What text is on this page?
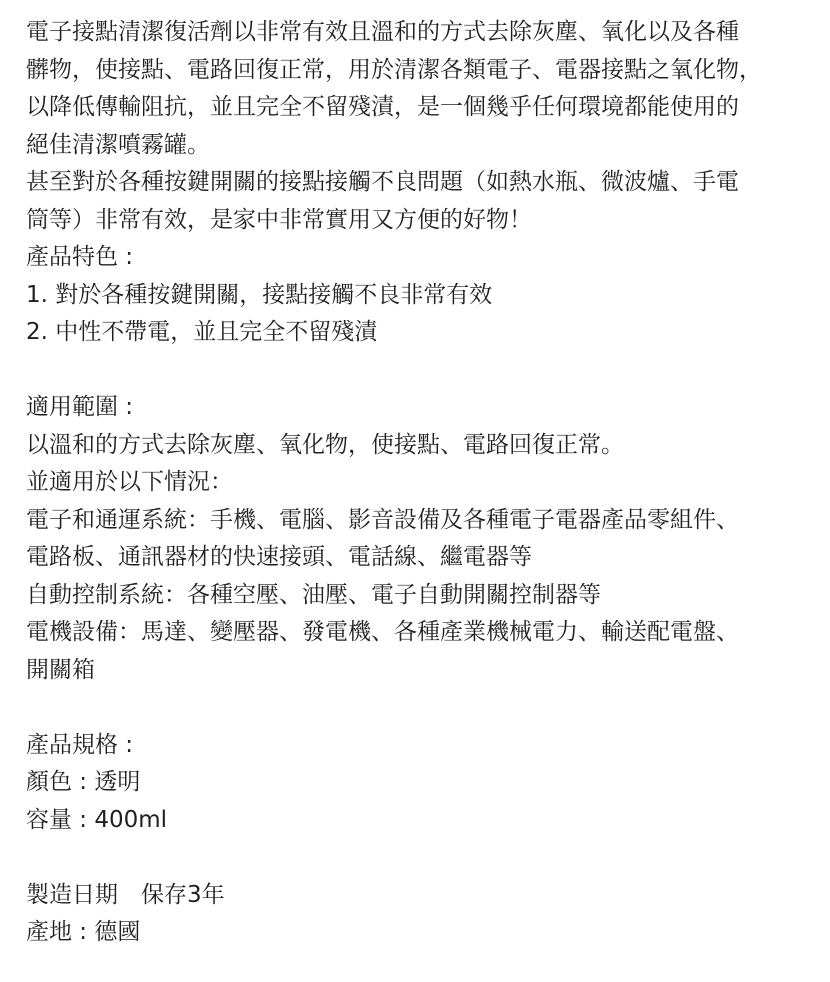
電子接點清潔復活劑以非常有效且溫和的方式去除灰塵、氧化以及各種
髒物，使接點、電路回復正常，用於清潔各類電子、電器接點之氧化物，
以降低傳輸阻抗，並且完全不留殘漬，是一個幾乎任何環境都能使用的
絕佳清潔噴霧罐。
甚至對於各種按鍵開關的接點接觸不良問題（如熱水瓶、微波爐、手電
筒等）非常有效，是家中非常實用又方便的好物！
產品特色 :
1. 對於各種按鍵開關，接點接觸不良非常有效
2. 中性不帶電，並且完全不留殘漬
適用範圍 :
以溫和的方式去除灰塵、氧化物，使接點、電路回復正常。
並適用於以下情況：
電子和通運系統：手機、電腦、影音設備及各種電子電器產品零組件、
電路板、通訊器材的快速接頭、電話線、繼電器等
自動控制系統：各種空壓、油壓、電子自動開關控制器等
電機設備：馬達、變壓器、發電機、各種產業機械電力、輸送配電盤、
開關箱
產品規格 :
顏色 : 透明
容量 : 400ml
製造日期　保存3年
產地 : 德國
